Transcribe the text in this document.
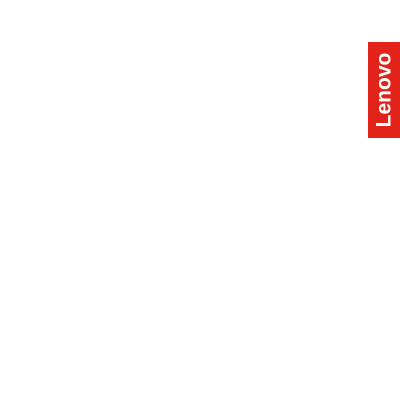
Lenovo
